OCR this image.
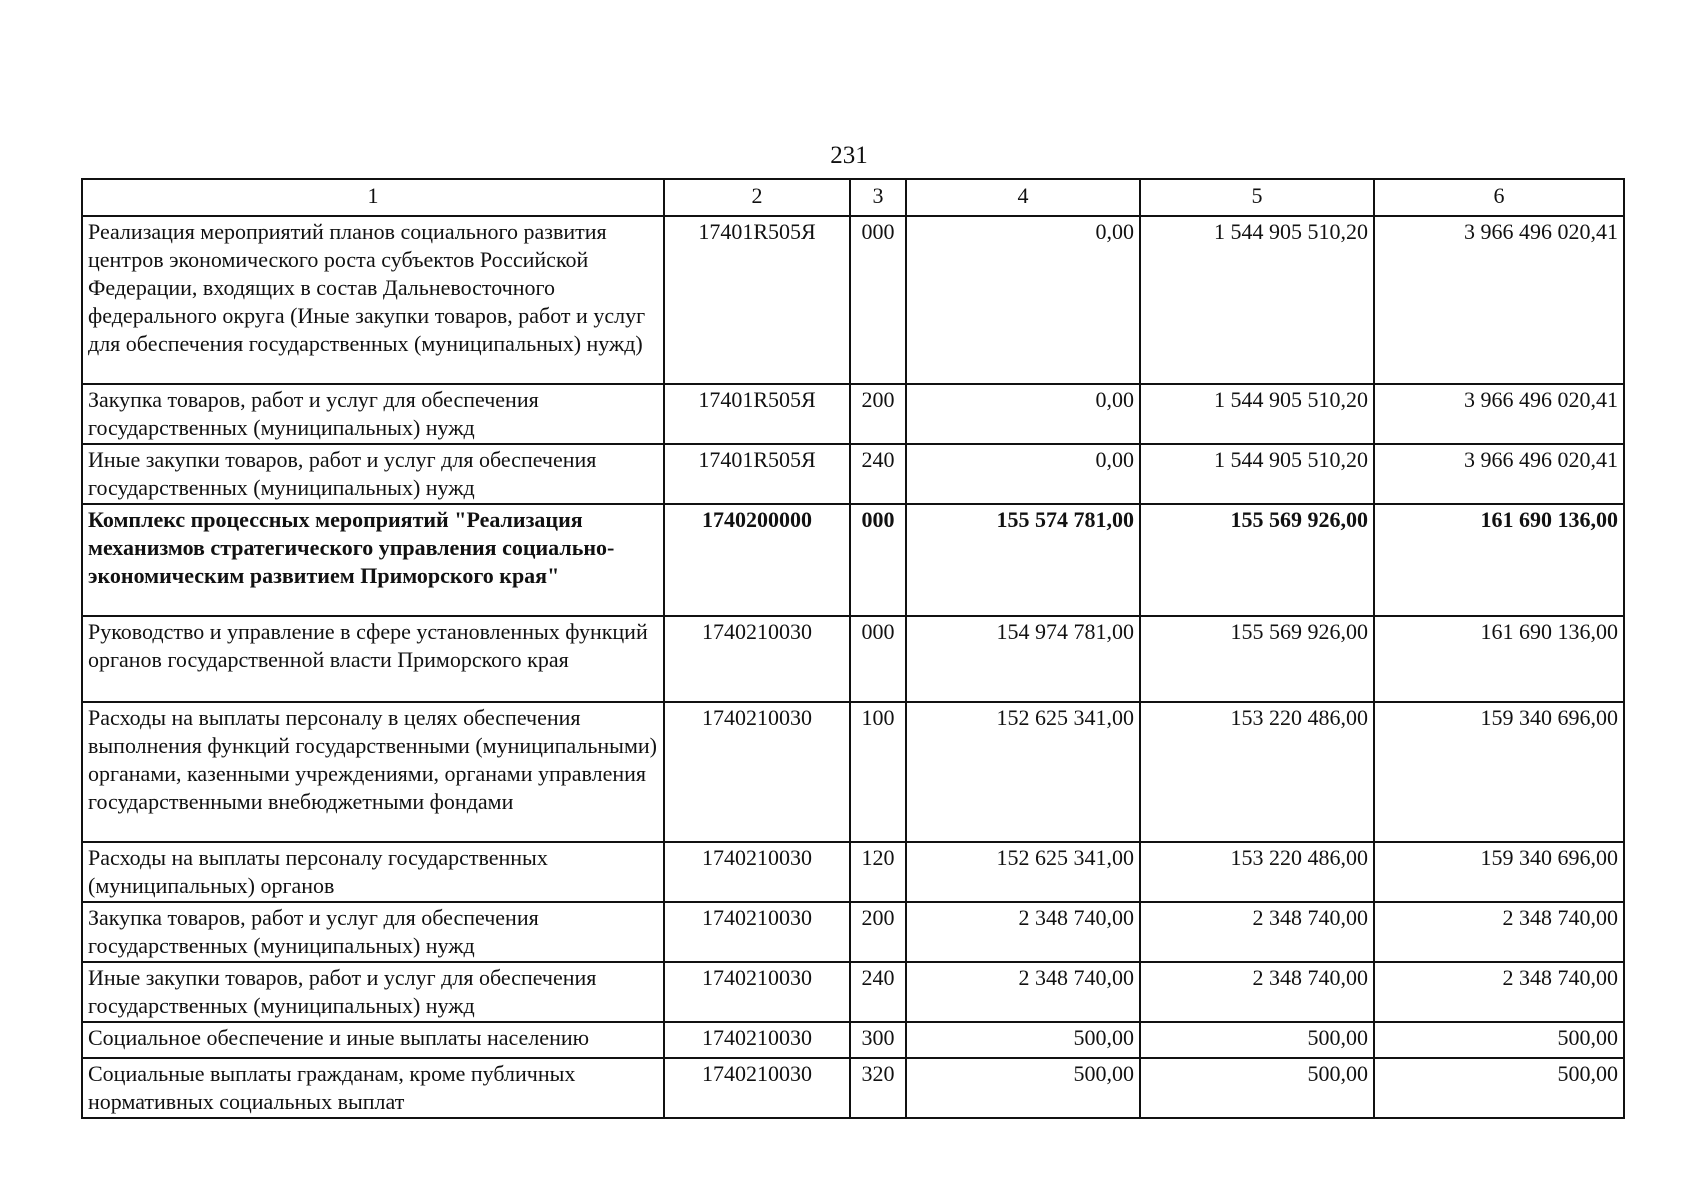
231
1	2	3	4	5	6
Реализация мероприятий планов социального развития центров экономического роста субъектов Российской Федерации, входящих в состав Дальневосточного федерального округа (Иные закупки товаров, работ и услуг для обеспечения государственных (муниципальных) нужд)	17401R505Я	000	0,00	1 544 905 510,20	3 966 496 020,41
Закупка товаров, работ и услуг для обеспечения государственных (муниципальных) нужд	17401R505Я	200	0,00	1 544 905 510,20	3 966 496 020,41
Иные закупки товаров, работ и услуг для обеспечения государственных (муниципальных) нужд	17401R505Я	240	0,00	1 544 905 510,20	3 966 496 020,41
Комплекс процессных мероприятий "Реализация механизмов стратегического управления социально-экономическим развитием Приморского края"	1740200000	000	155 574 781,00	155 569 926,00	161 690 136,00
Руководство и управление в сфере установленных функций органов государственной власти Приморского края	1740210030	000	154 974 781,00	155 569 926,00	161 690 136,00
Расходы на выплаты персоналу в целях обеспечения выполнения функций государственными (муниципальными) органами, казенными учреждениями, органами управления государственными внебюджетными фондами	1740210030	100	152 625 341,00	153 220 486,00	159 340 696,00
Расходы на выплаты персоналу государственных (муниципальных) органов	1740210030	120	152 625 341,00	153 220 486,00	159 340 696,00
Закупка товаров, работ и услуг для обеспечения государственных (муниципальных) нужд	1740210030	200	2 348 740,00	2 348 740,00	2 348 740,00
Иные закупки товаров, работ и услуг для обеспечения государственных (муниципальных) нужд	1740210030	240	2 348 740,00	2 348 740,00	2 348 740,00
Социальное обеспечение и иные выплаты населению	1740210030	300	500,00	500,00	500,00
Социальные выплаты гражданам, кроме публичных нормативных социальных выплат	1740210030	320	500,00	500,00	500,00
